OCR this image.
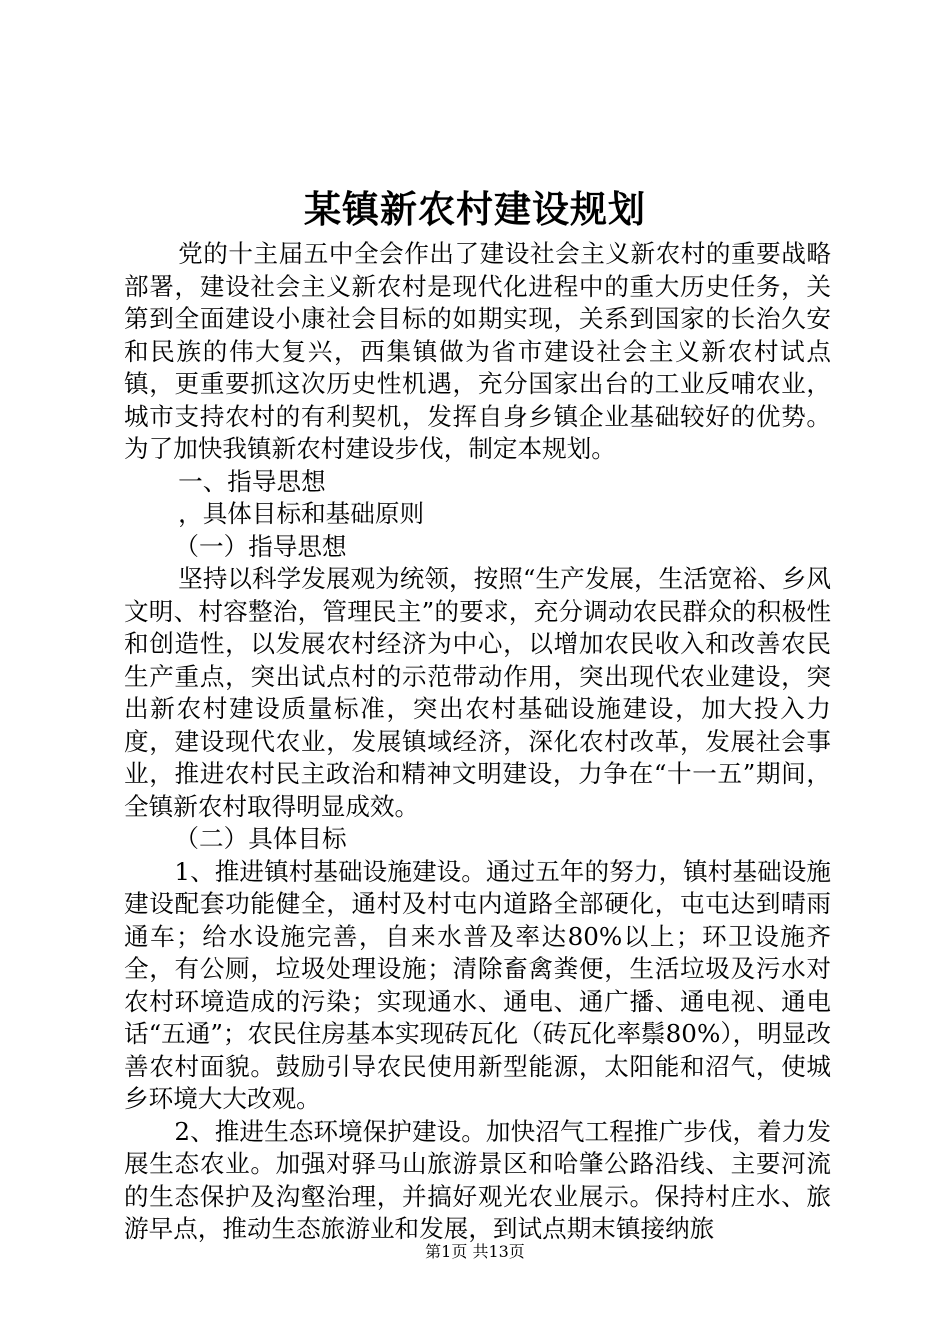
某镇新农村建设规划

党的十主届五中全会作出了建设社会主义新农村的重要战略部署，建设社会主义新农村是现代化进程中的重大历史任务，关第到全面建设小康社会目标的如期实现，关系到国家的长治久安和民族的伟大复兴，西集镇做为省市建设社会主义新农村试点镇，更重要抓这次历史性机遇，充分国家出台的工业反哺农业，城市支持农村的有利契机，发挥自身乡镇企业基础较好的优势。为了加快我镇新农村建设步伐，制定本规划。

一、指导思想

，具体目标和基础原则

（一）指导思想

坚持以科学发展观为统领，按照“生产发展，生活宽裕、乡风文明、村容整治，管理民主”的要求，充分调动农民群众的积极性和创造性，以发展农村经济为中心，以增加农民收入和改善农民生产重点，突出试点村的示范带动作用，突出现代农业建设，突出新农村建设质量标准，突出农村基础设施建设，加大投入力度，建设现代农业，发展镇域经济，深化农村改革，发展社会事业，推进农村民主政治和精神文明建设，力争在“十一五”期间，全镇新农村取得明显成效。

（二）具体目标

1、推进镇村基础设施建设。通过五年的努力，镇村基础设施建设配套功能健全，通村及村屯内道路全部硬化，屯屯达到晴雨通车；给水设施完善，自来水普及率达80%以上；环卫设施齐全，有公厕，垃圾处理设施；清除畜禽粪便，生活垃圾及污水对农村环境造成的污染；实现通水、通电、通广播、通电视、通电话“五通”；农民住房基本实现砖瓦化（砖瓦化率鬃80%），明显改善农村面貌。鼓励引导农民使用新型能源，太阳能和沼气，使城乡环境大大改观。

2、推进生态环境保护建设。加快沼气工程推广步伐，着力发展生态农业。加强对驿马山旅游景区和哈肇公路沿线、主要河流的生态保护及沟壑治理，并搞好观光农业展示。保持村庄水、旅游早点，推动生态旅游业和发展，到试点期末镇接纳旅

第1页 共13页
